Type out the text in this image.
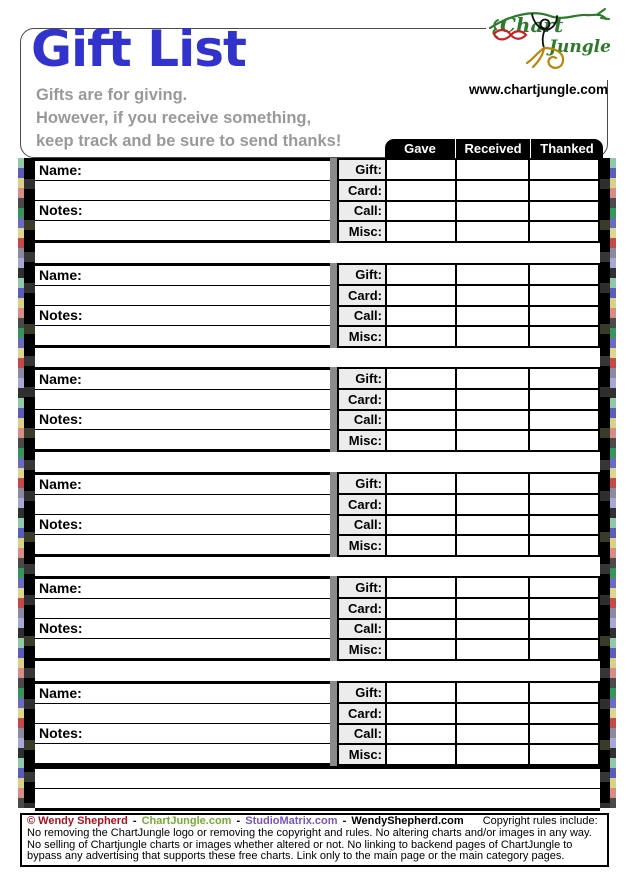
Gift List
Gifts are for giving.
However, if you receive something,
keep track and be sure to send thanks!
Chart
Jungle
www.chartjungle.com
Gave	Received	Thanked
Name:
Notes:
Gift:
Card:
Call:
Misc:
Name:
Notes:
Gift:
Card:
Call:
Misc:
Name:
Notes:
Gift:
Card:
Call:
Misc:
Name:
Notes:
Gift:
Card:
Call:
Misc:
Name:
Notes:
Gift:
Card:
Call:
Misc:
Name:
Notes:
Gift:
Card:
Call:
Misc:
© Wendy Shepherd - ChartJungle.com - StudioMatrix.com - WendyShepherd.com Copyright rules include:
No removing the ChartJungle logo or removing the copyright and rules. No altering charts and/or images in any way.
No selling of Chartjungle charts or images whether altered or not. No linking to backend pages of ChartJungle to
bypass any advertising that supports these free charts. Link only to the main page or the main category pages.
